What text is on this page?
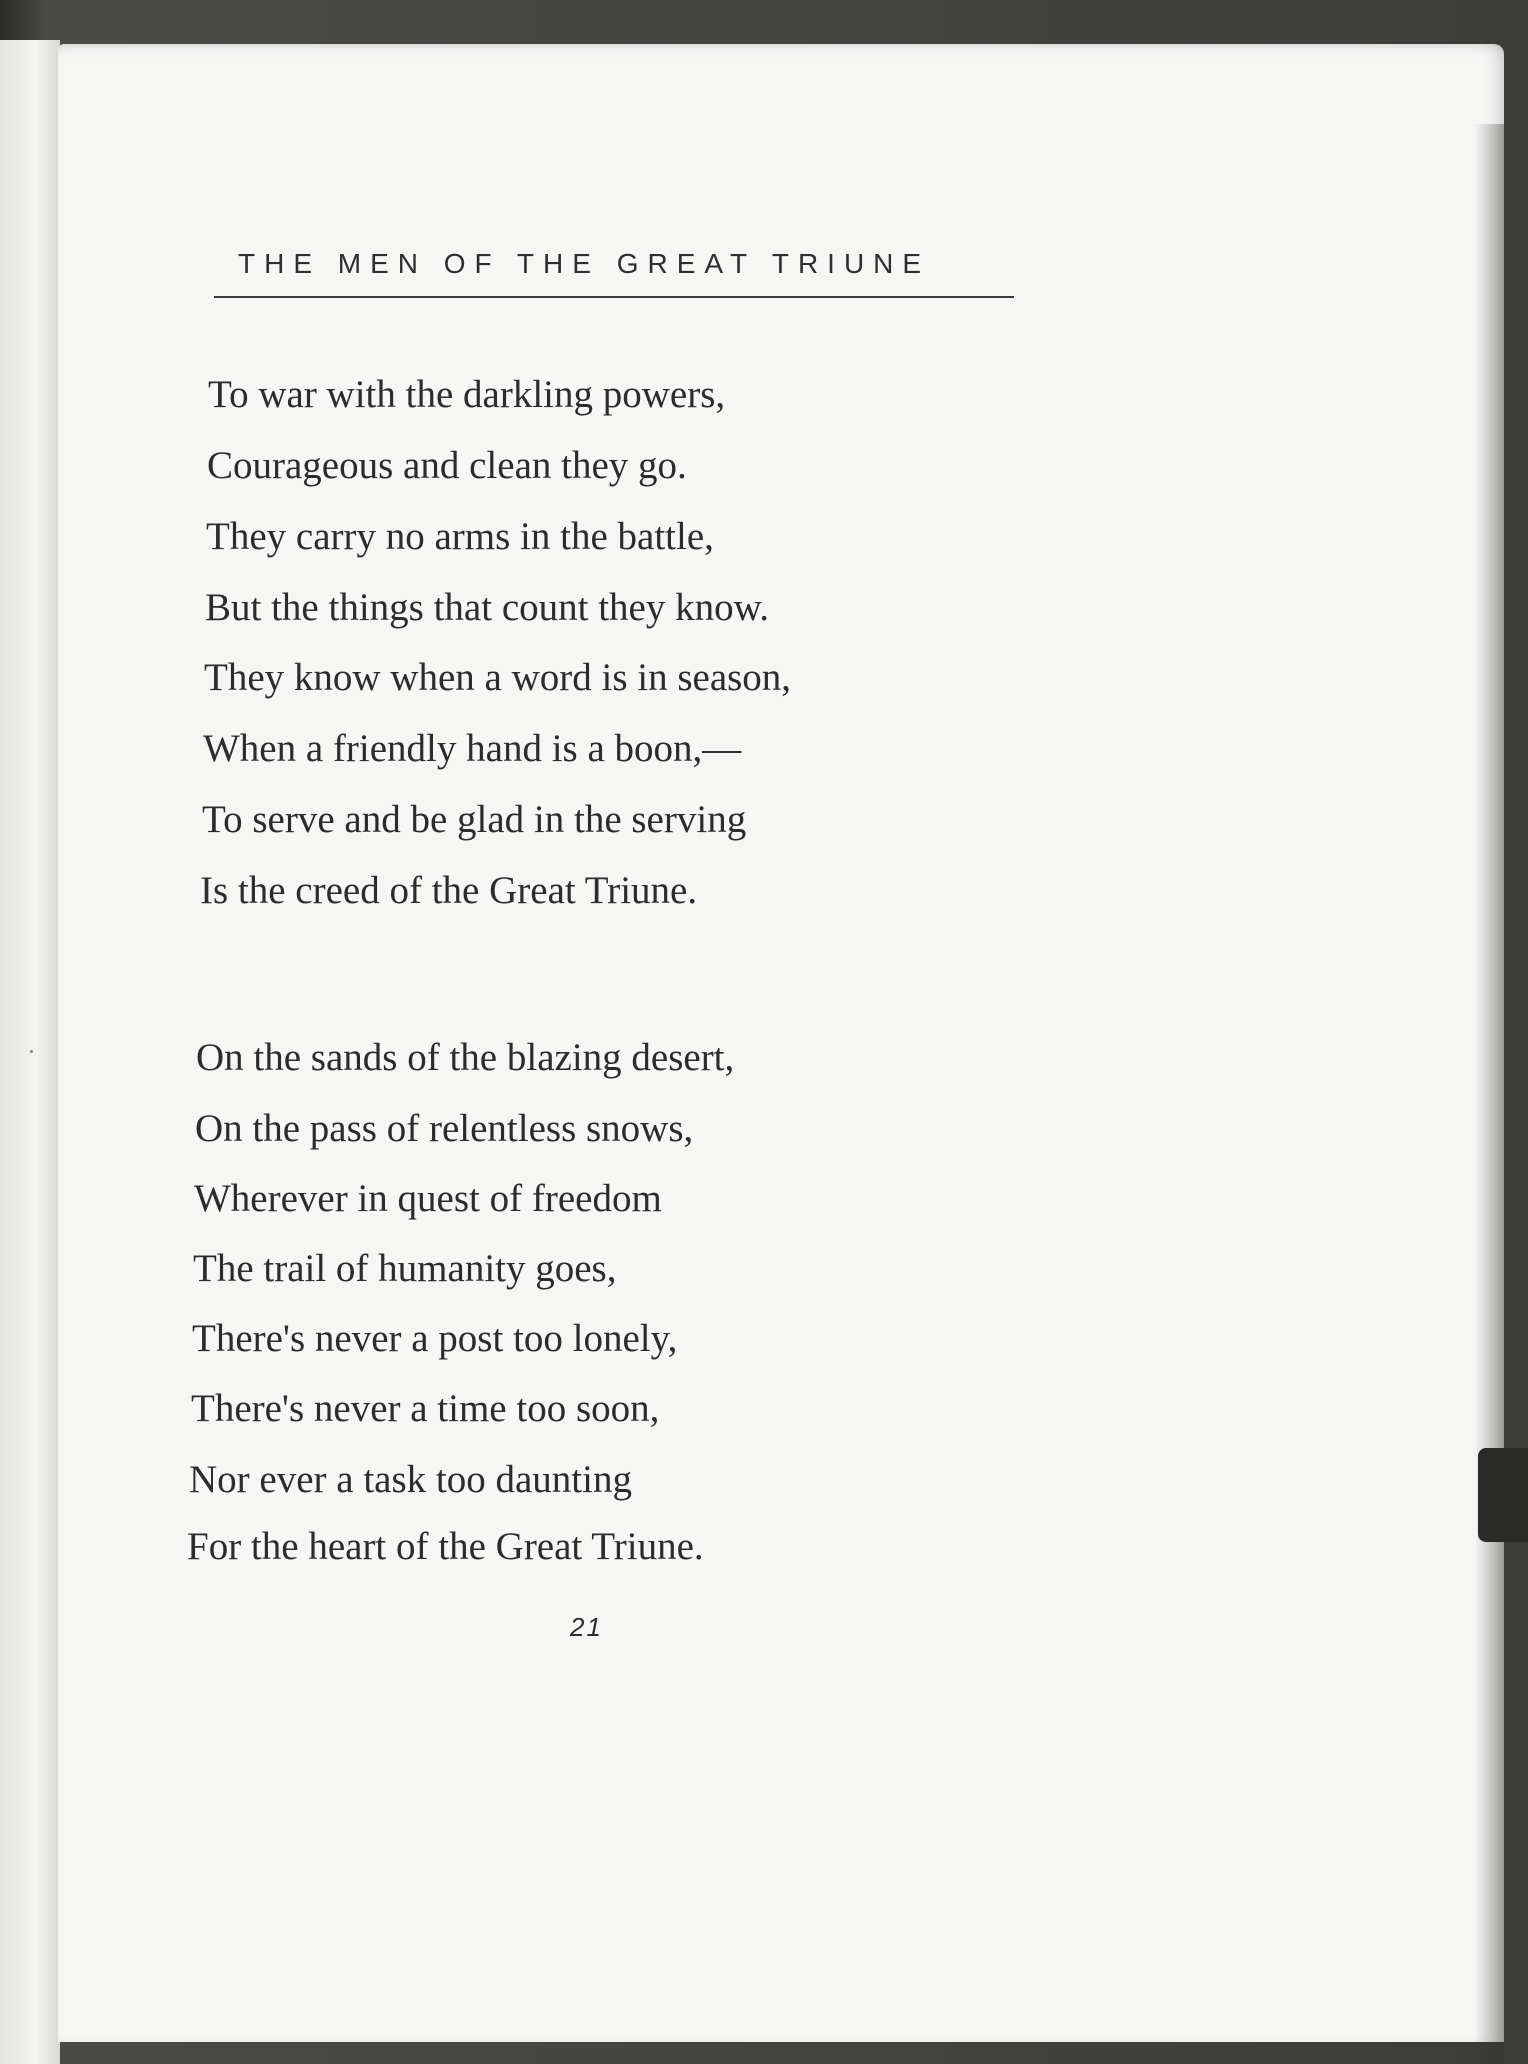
THE MEN OF THE GREAT TRIUNE
To war with the darkling powers,
Courageous and clean they go.
They carry no arms in the battle,
But the things that count they know.
They know when a word is in season,
When a friendly hand is a boon,—
To serve and be glad in the serving
Is the creed of the Great Triune.
On the sands of the blazing desert,
On the pass of relentless snows,
Wherever in quest of freedom
The trail of humanity goes,
There's never a post too lonely,
There's never a time too soon,
Nor ever a task too daunting
For the heart of the Great Triune.
21
